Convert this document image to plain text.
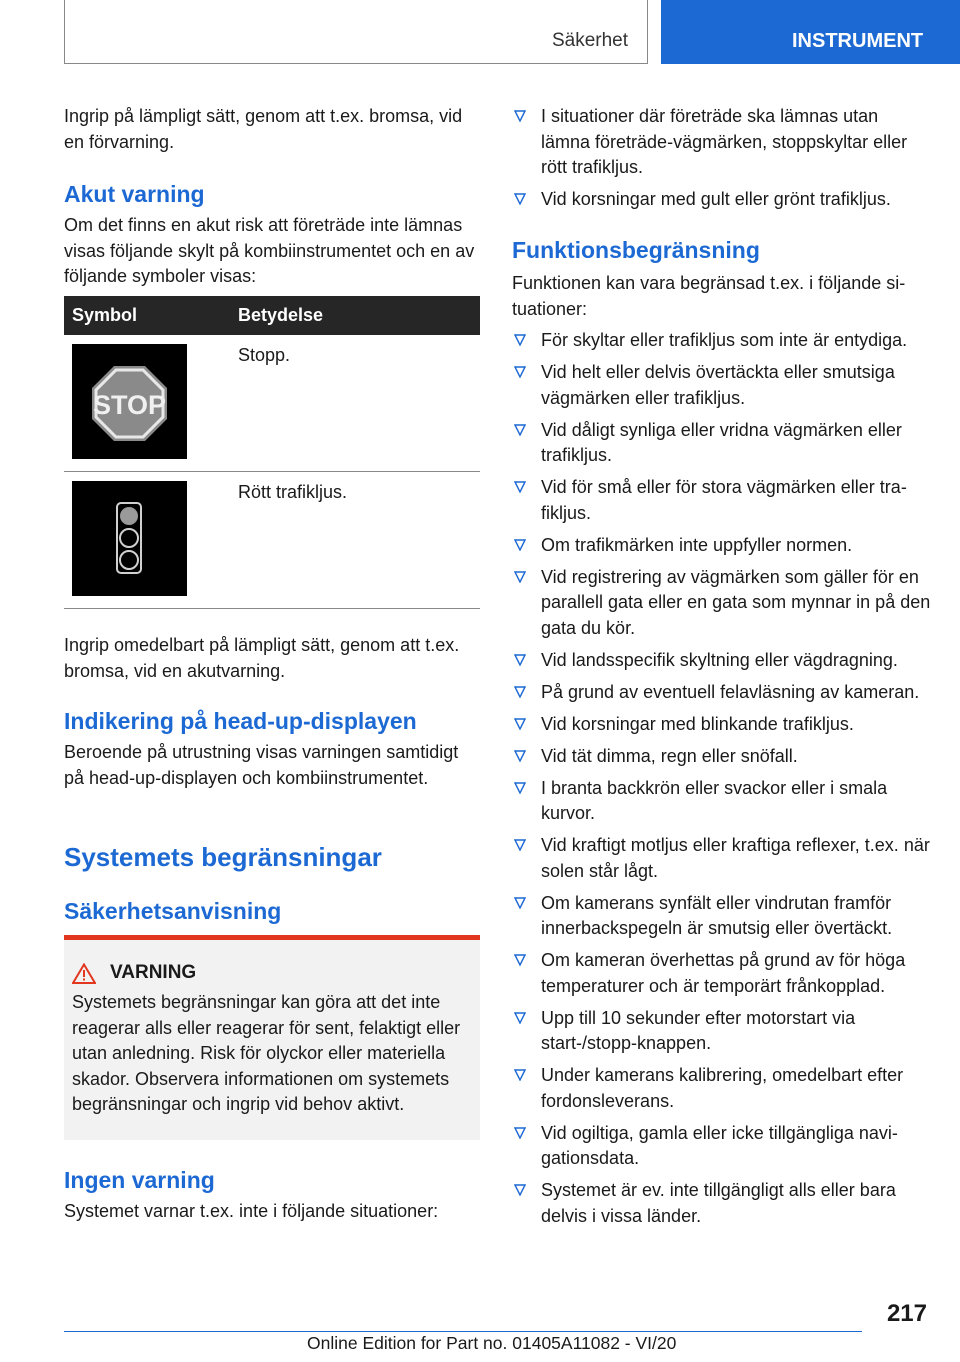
Säkerhet	INSTRUMENT

Ingrip på lämpligt sätt, genom att t.ex. bromsa, vid en förvarning.

Akut varning

Om det finns en akut risk att företräde inte lämnas visas följande skylt på kombiinstrumentet och en av följande symboler visas:

Symbol	Betydelse

STOP	Stopp.

	Rött trafikljus.

Ingrip omedelbart på lämpligt sätt, genom att t.ex. bromsa, vid en akutvarning.

Indikering på head-up-displayen

Beroende på utrustning visas varningen samtidigt på head-up-displayen och kombiinstrumentet.

Systemets begränsningar
Säkerhetsanvisning
VARNING

Systemets begränsningar kan göra att det inte reagerar alls eller reagerar för sent, felaktigt eller utan anledning. Risk för olyckor eller materiella skador. Observera informationen om systemets begränsningar och ingrip vid behov aktivt.

Ingen varning

Systemet varnar t.ex. inte i följande situationer:

I situationer där företräde ska lämnas utan lämna företräde-vägmärken, stoppskyltar eller rött trafikljus.
Vid korsningar med gult eller grönt trafikljus.
Funktionsbegränsning

Funktionen kan vara begränsad t.ex. i följande situationer:

För skyltar eller trafikljus som inte är entydiga.
Vid helt eller delvis övertäckta eller smutsiga vägmärken eller trafikljus.
Vid dåligt synliga eller vridna vägmärken eller trafikljus.
Vid för små eller för stora vägmärken eller trafikljus.
Om trafikmärken inte uppfyller normen.
Vid registrering av vägmärken som gäller för en parallell gata eller en gata som mynnar in på den gata du kör.
Vid landsspecifik skyltning eller vägdragning.
På grund av eventuell felavläsning av kameran.
Vid korsningar med blinkande trafikljus.
Vid tät dimma, regn eller snöfall.
I branta backkrön eller svackor eller i smala kurvor.
Vid kraftigt motljus eller kraftiga reflexer, t.ex. när solen står lågt.
Om kamerans synfält eller vindrutan framför innerbackspegeln är smutsig eller övertäckt.
Om kameran överhettas på grund av för höga temperaturer och är temporärt frånkopplad.
Upp till 10 sekunder efter motorstart via start-/stopp-knappen.
Under kamerans kalibrering, omedelbart efter fordonsleverans.
Vid ogiltiga, gamla eller icke tillgängliga navigationsdata.
Systemet är ev. inte tillgängligt alls eller bara delvis i vissa länder.
217
Online Edition for Part no. 01405A11082 - VI/20
